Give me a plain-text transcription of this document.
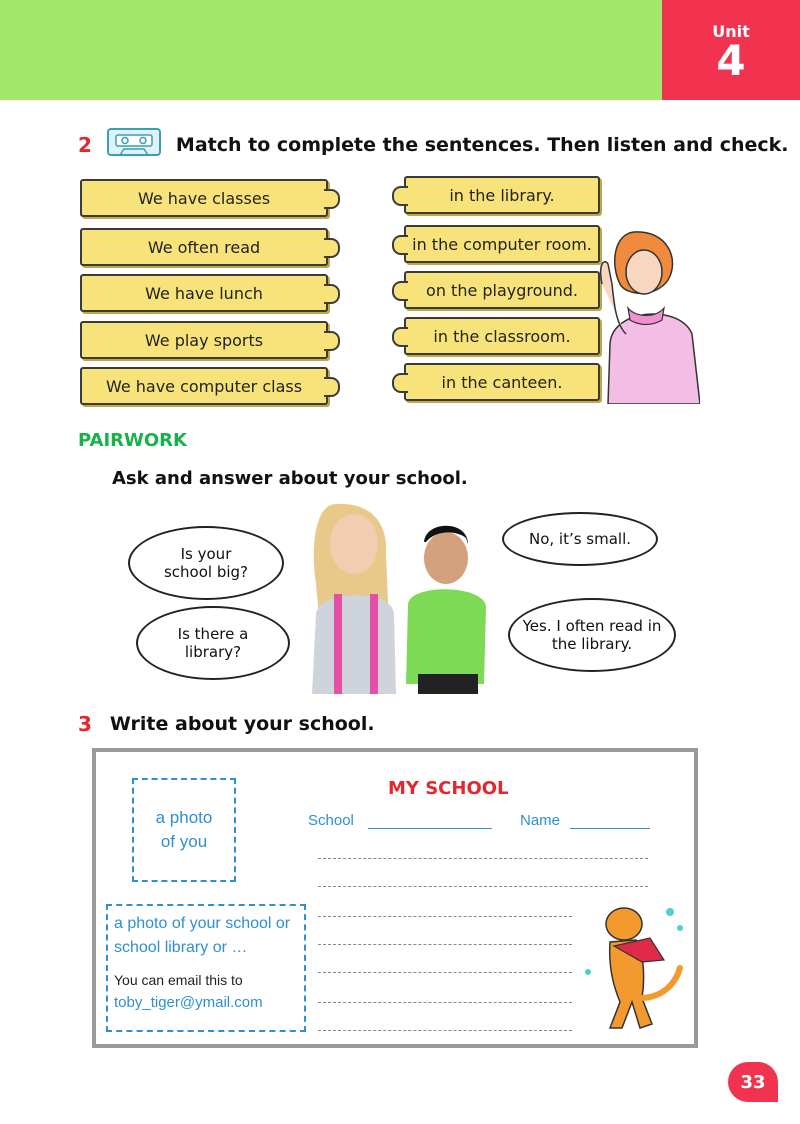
Unit
4
2	Match to complete the sentences. Then listen and check.
We have classes
We often read
We have lunch
We play sports
We have computer class
in the library.
in the computer room.
on the playground.
in the classroom.
in the canteen.
PAIRWORK
Ask and answer about your school.
Is your school big?
Is there a library?
No, it’s small.
Yes. I often read in the library.
3 Write about your school.
a photo of you
a photo of your school or school library or …
You can email this to
toby_tiger@ymail.com
MY SCHOOL
School	Name
33
